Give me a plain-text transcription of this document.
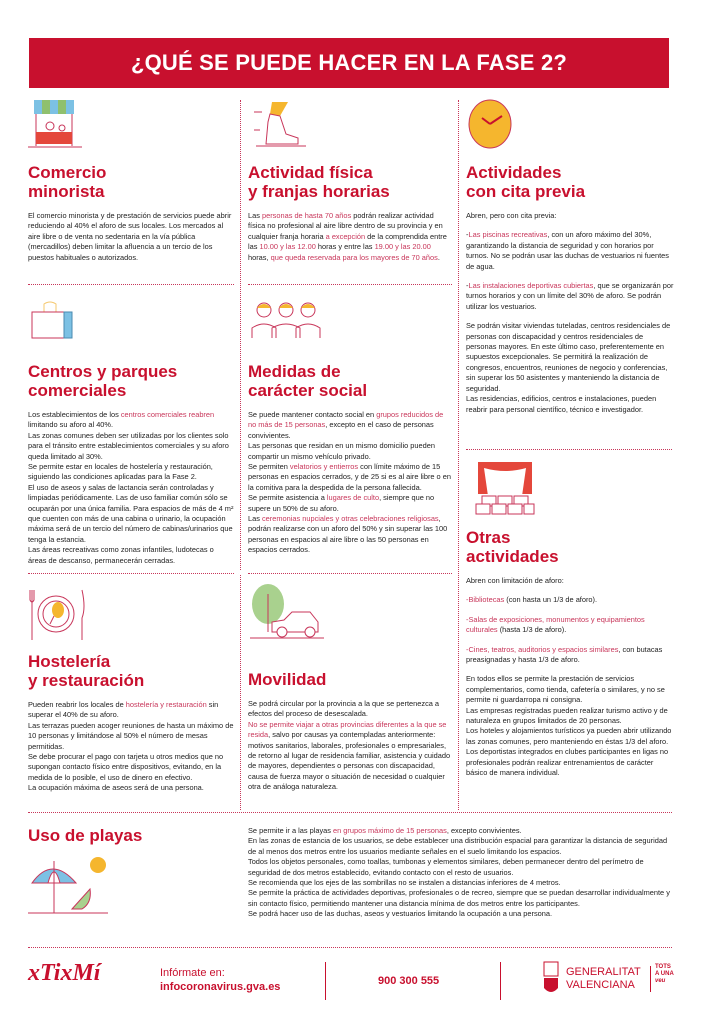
¿QUÉ SE PUEDE HACER EN LA FASE 2?
Comercio
minorista

El comercio minorista y de prestación de servicios puede abrir reduciendo al 40% el aforo de sus locales. Los mercados al aire libre o de venta no sedentaria en la vía pública (mercadillos) deben limitar la afluencia a un tercio de los puestos habituales o autorizados.

Actividad física
y franjas horarias

Las personas de hasta 70 años podrán realizar actividad física no profesional al aire libre dentro de su provincia y en cualquier franja horaria a excepción de la comprendida entre las 10.00 y las 12.00 horas y entre las 19.00 y las 20.00 horas, que queda reservada para los mayores de 70 años.

Actividades
con cita previa

Abren, pero con cita previa:

-Las piscinas recreativas, con un aforo máximo del 30%, garantizando la distancia de seguridad y con horarios por turnos. No se podrán usar las duchas de vestuarios ni fuentes de agua.

-Las instalaciones deportivas cubiertas, que se organizarán por turnos horarios y con un límite del 30% de aforo. Se podrán utilizar los vestuarios.

Se podrán visitar viviendas tuteladas, centros residenciales de personas con discapacidad y centros residenciales de personas mayores. En este último caso, preferentemente en supuestos excepcionales. Se permitirá la realización de congresos, encuentros, reuniones de negocio y conferencias, sin superar los 50 asistentes y manteniendo la distancia de seguridad.

Las residencias, edificios, centros e instalaciones, pueden reabrir para personal científico, técnico e investigador.

Centros y parques
comerciales

Los establecimientos de los centros comerciales reabren limitando su aforo al 40%.

Las zonas comunes deben ser utilizadas por los clientes solo para el tránsito entre establecimientos comerciales y su aforo queda limitado al 30%.

Se permite estar en locales de hostelería y restauración, siguiendo las condiciones aplicadas para la Fase 2.

El uso de aseos y salas de lactancia serán controladas y limpiadas periódicamente. Las de uso familiar común sólo se ocuparán por una única familia. Para espacios de más de 4 m² que cuenten con más de una cabina o urinario, la ocupación máxima será de un tercio del número de cabinas/urinarios que tenga la estancia.

Las áreas recreativas como zonas infantiles, ludotecas o áreas de descanso, permanecerán cerradas.

Medidas de
carácter social

Se puede mantener contacto social en grupos reducidos de no más de 15 personas, excepto en el caso de personas convivientes.

Las personas que residan en un mismo domicilio pueden compartir un mismo vehículo privado.

Se permiten velatorios y entierros con límite máximo de 15 personas en espacios cerrados, y de 25 si es al aire libre o en la comitiva para la despedida de la persona fallecida.

Se permite asistencia a lugares de culto, siempre que no supere un 50% de su aforo.

Las ceremonias nupciales y otras celebraciones religiosas, podrán realizarse con un aforo del 50% y sin superar las 100 personas en espacios al aire libre o las 50 personas en espacios cerrados.

Otras
actividades

Abren con limitación de aforo:

-Bibliotecas (con hasta un 1/3 de aforo).

-Salas de exposiciones, monumentos y equipamientos culturales (hasta 1/3 de aforo).

-Cines, teatros, auditorios y espacios similares, con butacas preasignadas y hasta 1/3 de aforo.

En todos ellos se permite la prestación de servicios complementarios, como tienda, cafetería o similares, y no se permite ni guardarropa ni consigna.

Las empresas registradas pueden realizar turismo activo y de naturaleza en grupos limitados de 20 personas.

Los hoteles y alojamientos turísticos ya pueden abrir utilizando las zonas comunes, pero manteniendo en éstas 1/3 del aforo.

Los deportistas integrados en clubes participantes en ligas no profesionales podrán realizar entrenamientos de carácter básico de manera individual.

Hostelería
y restauración

Pueden reabrir los locales de hostelería y restauración sin superar el 40% de su aforo.

Las terrazas pueden acoger reuniones de hasta un máximo de 10 personas y limitándose al 50% el número de mesas permitidas.

Se debe procurar el pago con tarjeta u otros medios que no supongan contacto físico entre dispositivos, evitando, en la medida de lo posible, el uso de dinero en efectivo.

La ocupación máxima de aseos será de una persona.

Movilidad

Se podrá circular por la provincia a la que se pertenezca a efectos del proceso de desescalada.

No se permite viajar a otras provincias diferentes a la que se resida, salvo por causas ya contempladas anteriormente: motivos sanitarios, laborales, profesionales o empresariales, de retorno al lugar de residencia familiar, asistencia y cuidado de mayores, dependientes o personas con discapacidad, causa de fuerza mayor o situación de necesidad o cualquier otra de análoga naturaleza.

Uso de playas	Se permite ir a las playas en grupos máximo de 15 personas, excepto convivientes.

En las zonas de estancia de los usuarios, se debe establecer una distribución espacial para garantizar la distancia de seguridad de al menos dos metros entre los usuarios mediante señales en el suelo limitando los espacios.

Todos los objetos personales, como toallas, tumbonas y elementos similares, deben permanecer dentro del perímetro de seguridad de dos metros establecido, evitando contacto con el resto de usuarios.

Se recomienda que los ejes de las sombrillas no se instalen a distancias inferiores de 4 metros.

Se permite la práctica de actividades deportivas, profesionales o de recreo, siempre que se puedan desarrollar individualmente y sin contacto físico, permitiendo mantener una distancia mínima de dos metros entre los participantes.

Se podrá hacer uso de las duchas, aseos y vestuarios limitando la ocupación a una persona.

xTixMí	Infórmate en:
infocoronavirus.gva.es	900 300 555
GENERALITAT
VALENCIANA
TOTS
A UNA
veu
